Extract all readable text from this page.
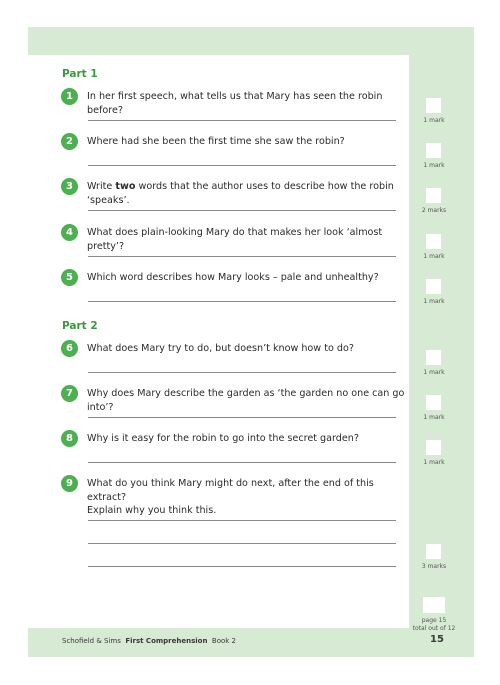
Part 1
Part 2
1	In her first speech, what tells us that Mary has seen the robin before?
1 mark
2	Where had she been the first time she saw the robin?
1 mark
3	Write two words that the author uses to describe how the robin ‘speaks’.
2 marks
4	What does plain-looking Mary do that makes her look ‘almost pretty’?
1 mark
5	Which word describes how Mary looks – pale and unhealthy?
1 mark
6	What does Mary try to do, but doesn’t know how to do?
1 mark
7	Why does Mary describe the garden as ‘the garden no one can go into’?
1 mark
8	Why is it easy for the robin to go into the secret garden?
1 mark
9	What do you think Mary might do next, after the end of this extract?
Explain why you think this.
3 marks
page 15
total out of 12
Schofield & Sims First Comprehension Book 2	15
